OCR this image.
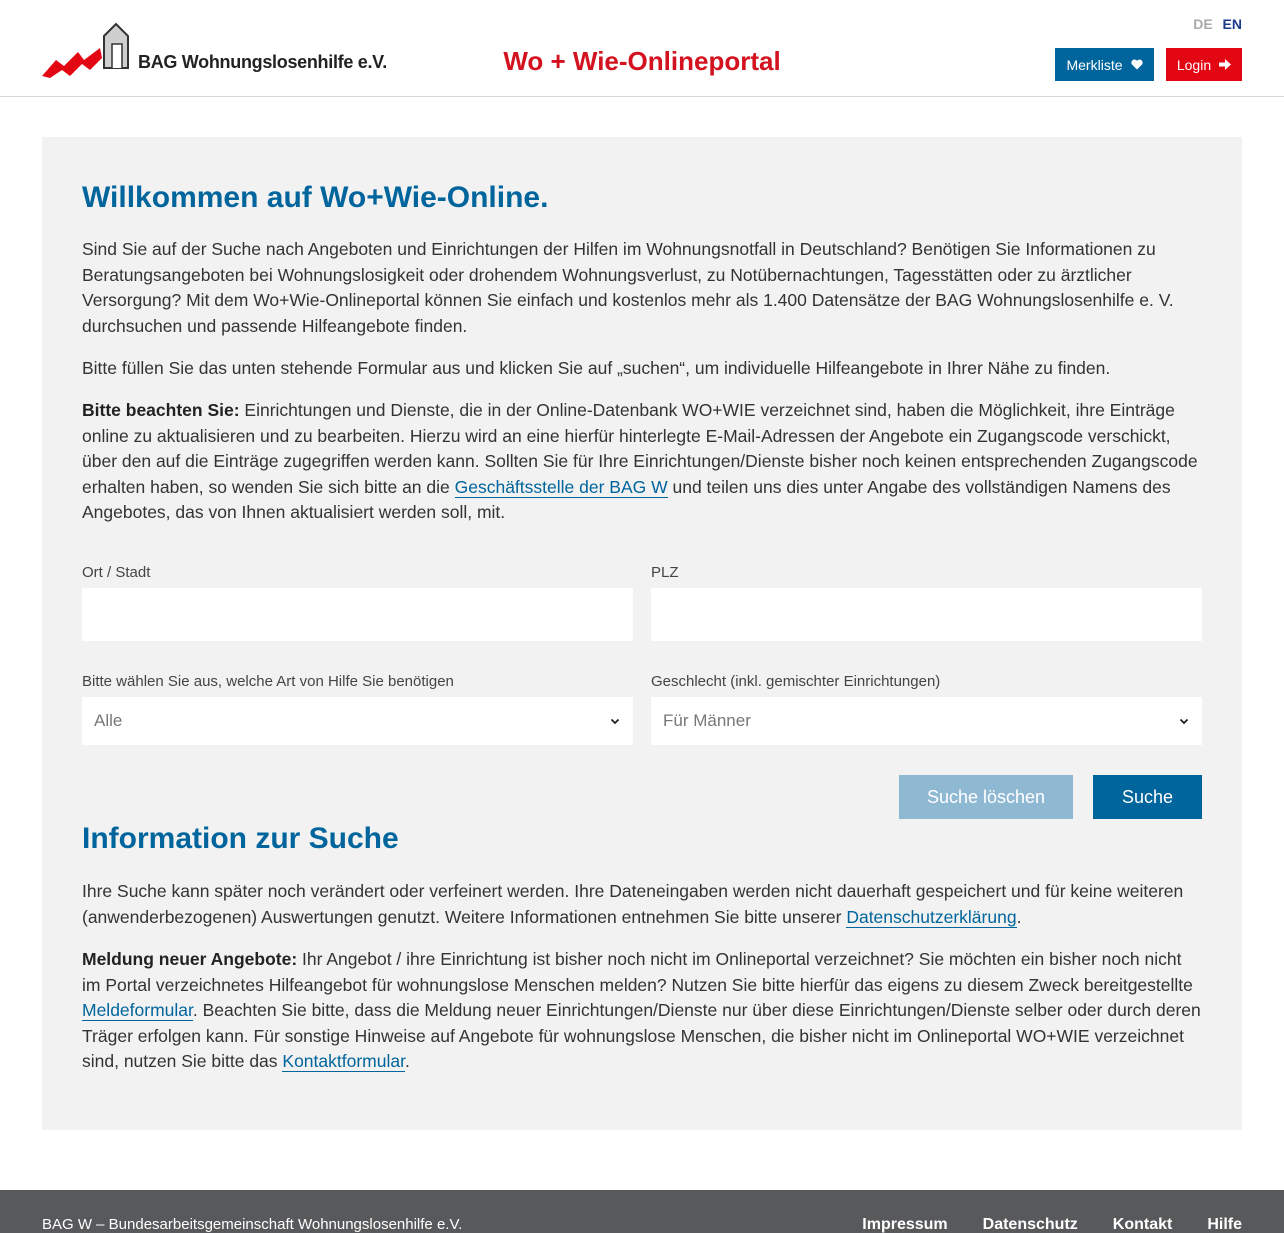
BAG Wohnungslosenhilfe e.V.	Wo + Wie-Onlineportal
DE EN
Merkliste	Login
Willkommen auf Wo+Wie-Online.

Sind Sie auf der Suche nach Angeboten und Einrichtungen der Hilfen im Wohnungsnotfall in Deutschland? Benötigen Sie Informationen zu Beratungsangeboten bei Wohnungslosigkeit oder drohendem Wohnungsverlust, zu Notübernachtungen, Tagesstätten oder zu ärztlicher Versorgung? Mit dem Wo+Wie-Onlineportal können Sie einfach und kostenlos mehr als 1.400 Datensätze der BAG Wohnungslosenhilfe e. V. durchsuchen und passende Hilfeangebote finden.

Bitte füllen Sie das unten stehende Formular aus und klicken Sie auf „suchen“, um individuelle Hilfeangebote in Ihrer Nähe zu finden.

Bitte beachten Sie: Einrichtungen und Dienste, die in der Online-Datenbank WO+WIE verzeichnet sind, haben die Möglichkeit, ihre Einträge online zu aktualisieren und zu bearbeiten. Hierzu wird an eine hierfür hinterlegte E-Mail-Adressen der Angebote ein Zugangscode verschickt, über den auf die Einträge zugegriffen werden kann. Sollten Sie für Ihre Einrichtungen/Dienste bisher noch keinen entsprechenden Zugangscode erhalten haben, so wenden Sie sich bitte an die Geschäftsstelle der BAG W und teilen uns dies unter Angabe des vollständigen Namens des Angebotes, das von Ihnen aktualisiert werden soll, mit.

Ort / Stadt	PLZ
Bitte wählen Sie aus, welche Art von Hilfe Sie benötigen
Alle
Geschlecht (inkl. gemischter Einrichtungen)
Für Männer
Suche löschen	Suche
Information zur Suche

Ihre Suche kann später noch verändert oder verfeinert werden. Ihre Dateneingaben werden nicht dauerhaft gespeichert und für keine weiteren (anwenderbezogenen) Auswertungen genutzt. Weitere Informationen entnehmen Sie bitte unserer Datenschutzerklärung.

Meldung neuer Angebote: Ihr Angebot / ihre Einrichtung ist bisher noch nicht im Onlineportal verzeichnet? Sie möchten ein bisher noch nicht im Portal verzeichnetes Hilfeangebot für wohnungslose Menschen melden? Nutzen Sie bitte hierfür das eigens zu diesem Zweck bereitgestellte Meldeformular. Beachten Sie bitte, dass die Meldung neuer Einrichtungen/Dienste nur über diese Einrichtungen/Dienste selber oder durch deren Träger erfolgen kann. Für sonstige Hinweise auf Angebote für wohnungslose Menschen, die bisher nicht im Onlineportal WO+WIE verzeichnet sind, nutzen Sie bitte das Kontaktformular.

BAG W – Bundesarbeitsgemeinschaft Wohnungslosenhilfe e.V.	Impressum Datenschutz Kontakt Hilfe
